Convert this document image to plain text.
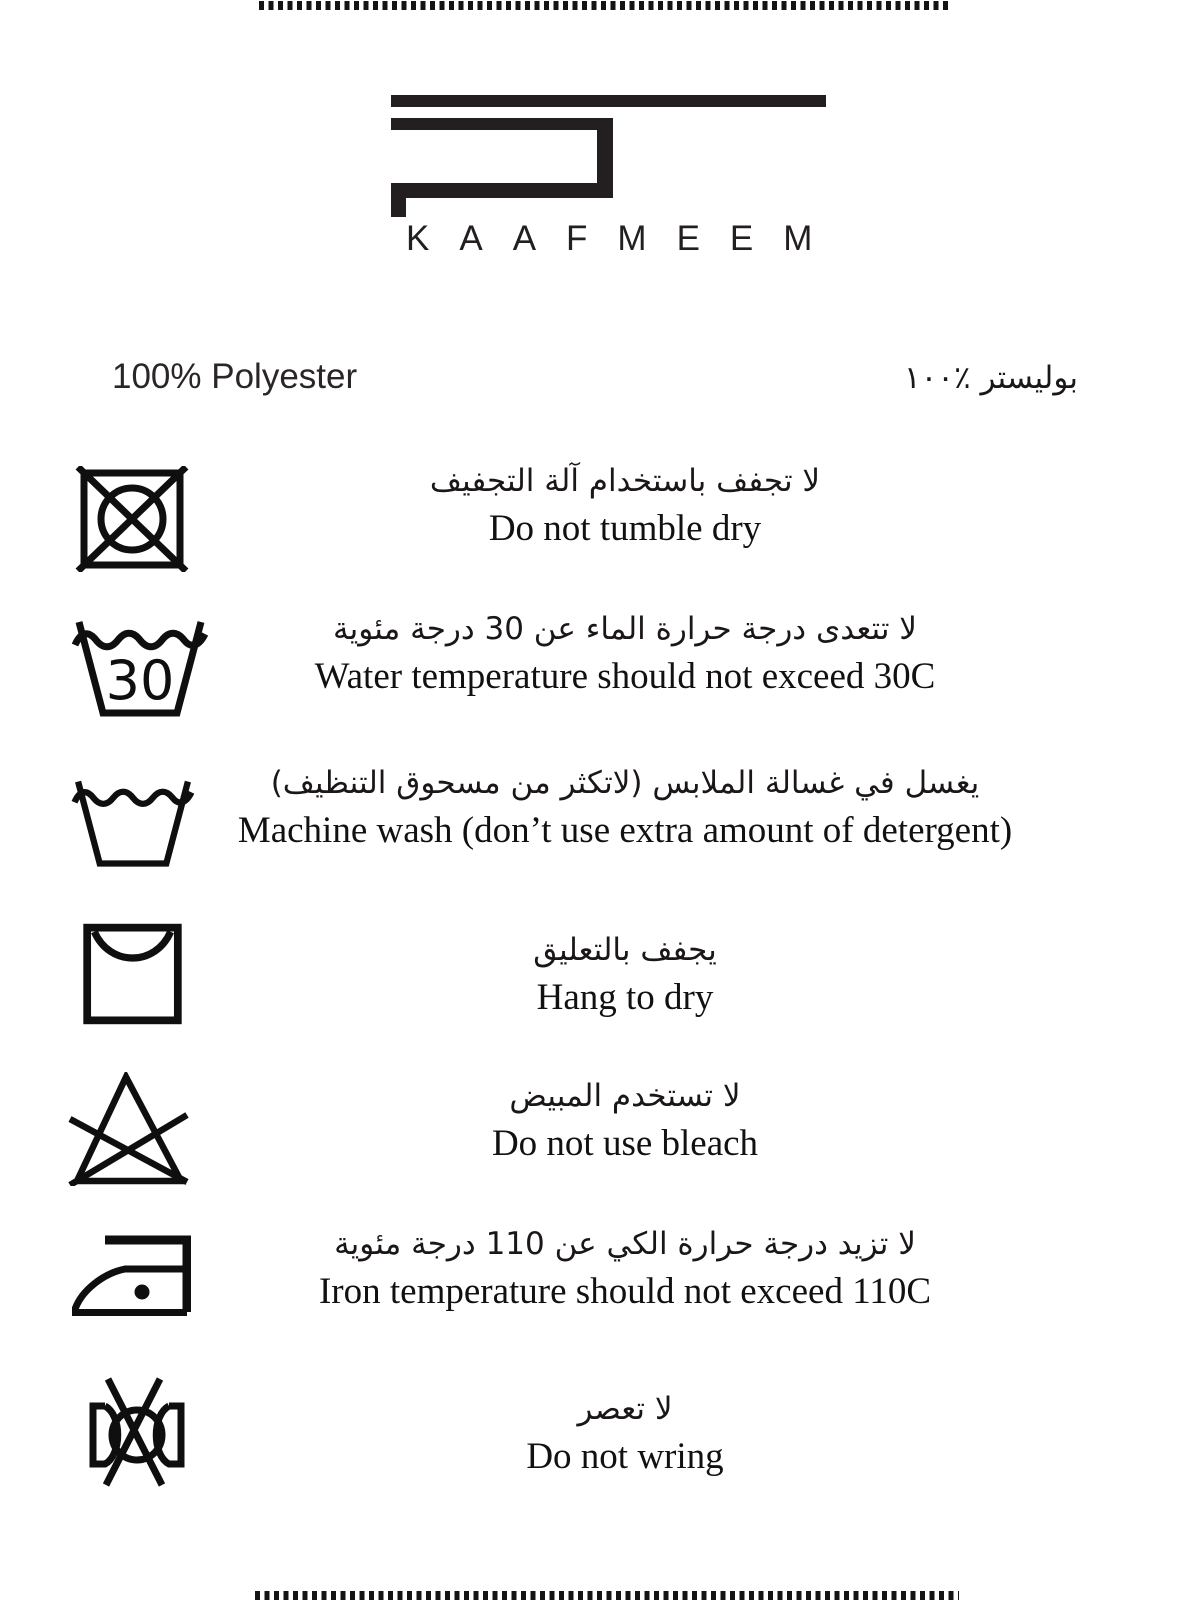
KAAFMEEM
100% Polyester	بوليستر ٪١٠٠
لا تجفف باستخدام آلة التجفيف
Do not tumble dry
30
لا تتعدى درجة حرارة الماء عن 30 درجة مئوية
Water temperature should not exceed 30C
يغسل في غسالة الملابس (لاتكثر من مسحوق التنظيف)
Machine wash (don’t use extra amount of detergent)
يجفف بالتعليق
Hang to dry
لا تستخدم المبيض
Do not use bleach
لا تزيد درجة حرارة الكي عن 110 درجة مئوية
Iron temperature should not exceed 110C
لا تعصر
Do not wring
